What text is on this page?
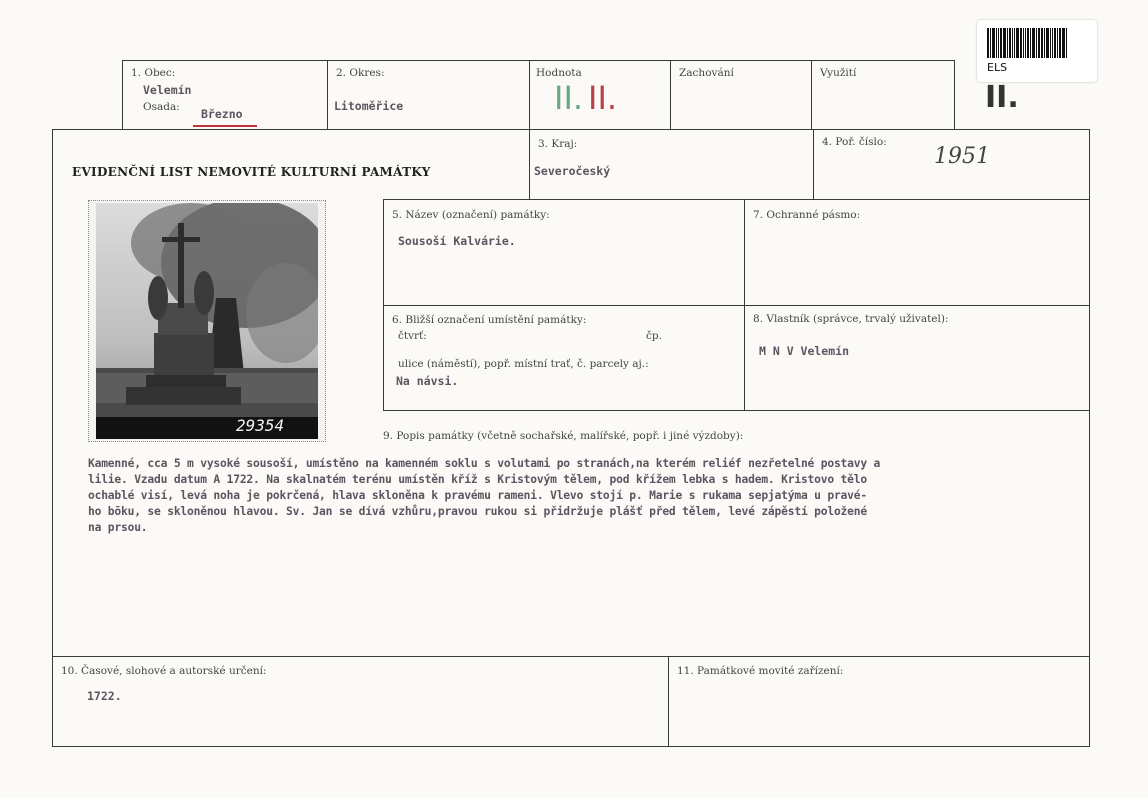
ELS
1. Obec:
Velemín
Osada: Březno
2. Okres:
Litoměřice
Hodnota
II. II.
Zachování	Využití
II.
EVIDENČNÍ LIST NEMOVITÉ KULTURNÍ PAMÁTKY
3. Kraj:
Severočeský
4. Poř. číslo:
1951
29354
5. Název (označení) památky:
Sousoší Kalvárie.
7. Ochranné pásmo:
6. Bližší označení umístění památky:
čtvrť:	čp.
ulice (náměstí), popř. místní trať, č. parcely aj.:
Na návsi.
8. Vlastník (správce, trvalý uživatel):
M N V Velemín
9. Popis památky (včetně sochařské, malířské, popř. i jiné výzdoby):
Kamenné, cca 5 m vysoké sousoší, umístěno na kamenném soklu s volutami po stranách,na kterém reliéf nezřetelné postavy a
lilie. Vzadu datum A 1722. Na skalnatém terénu umístěn kříž s Kristovým tělem, pod křížem lebka s hadem. Kristovo tělo
ochablé visí, levá noha je pokrčená, hlava skloněna k pravému rameni. Vlevo stojí p. Marie s rukama sepjatýma u pravé-
ho bōku, se skloněnou hlavou. Sv. Jan se dívá vzhůru,pravou rukou si přidržuje plášť před tělem, levé zápěstí položené
na prsou.
10. Časové, slohové a autorské určení:
1722.
11. Památkové movité zařízení:
